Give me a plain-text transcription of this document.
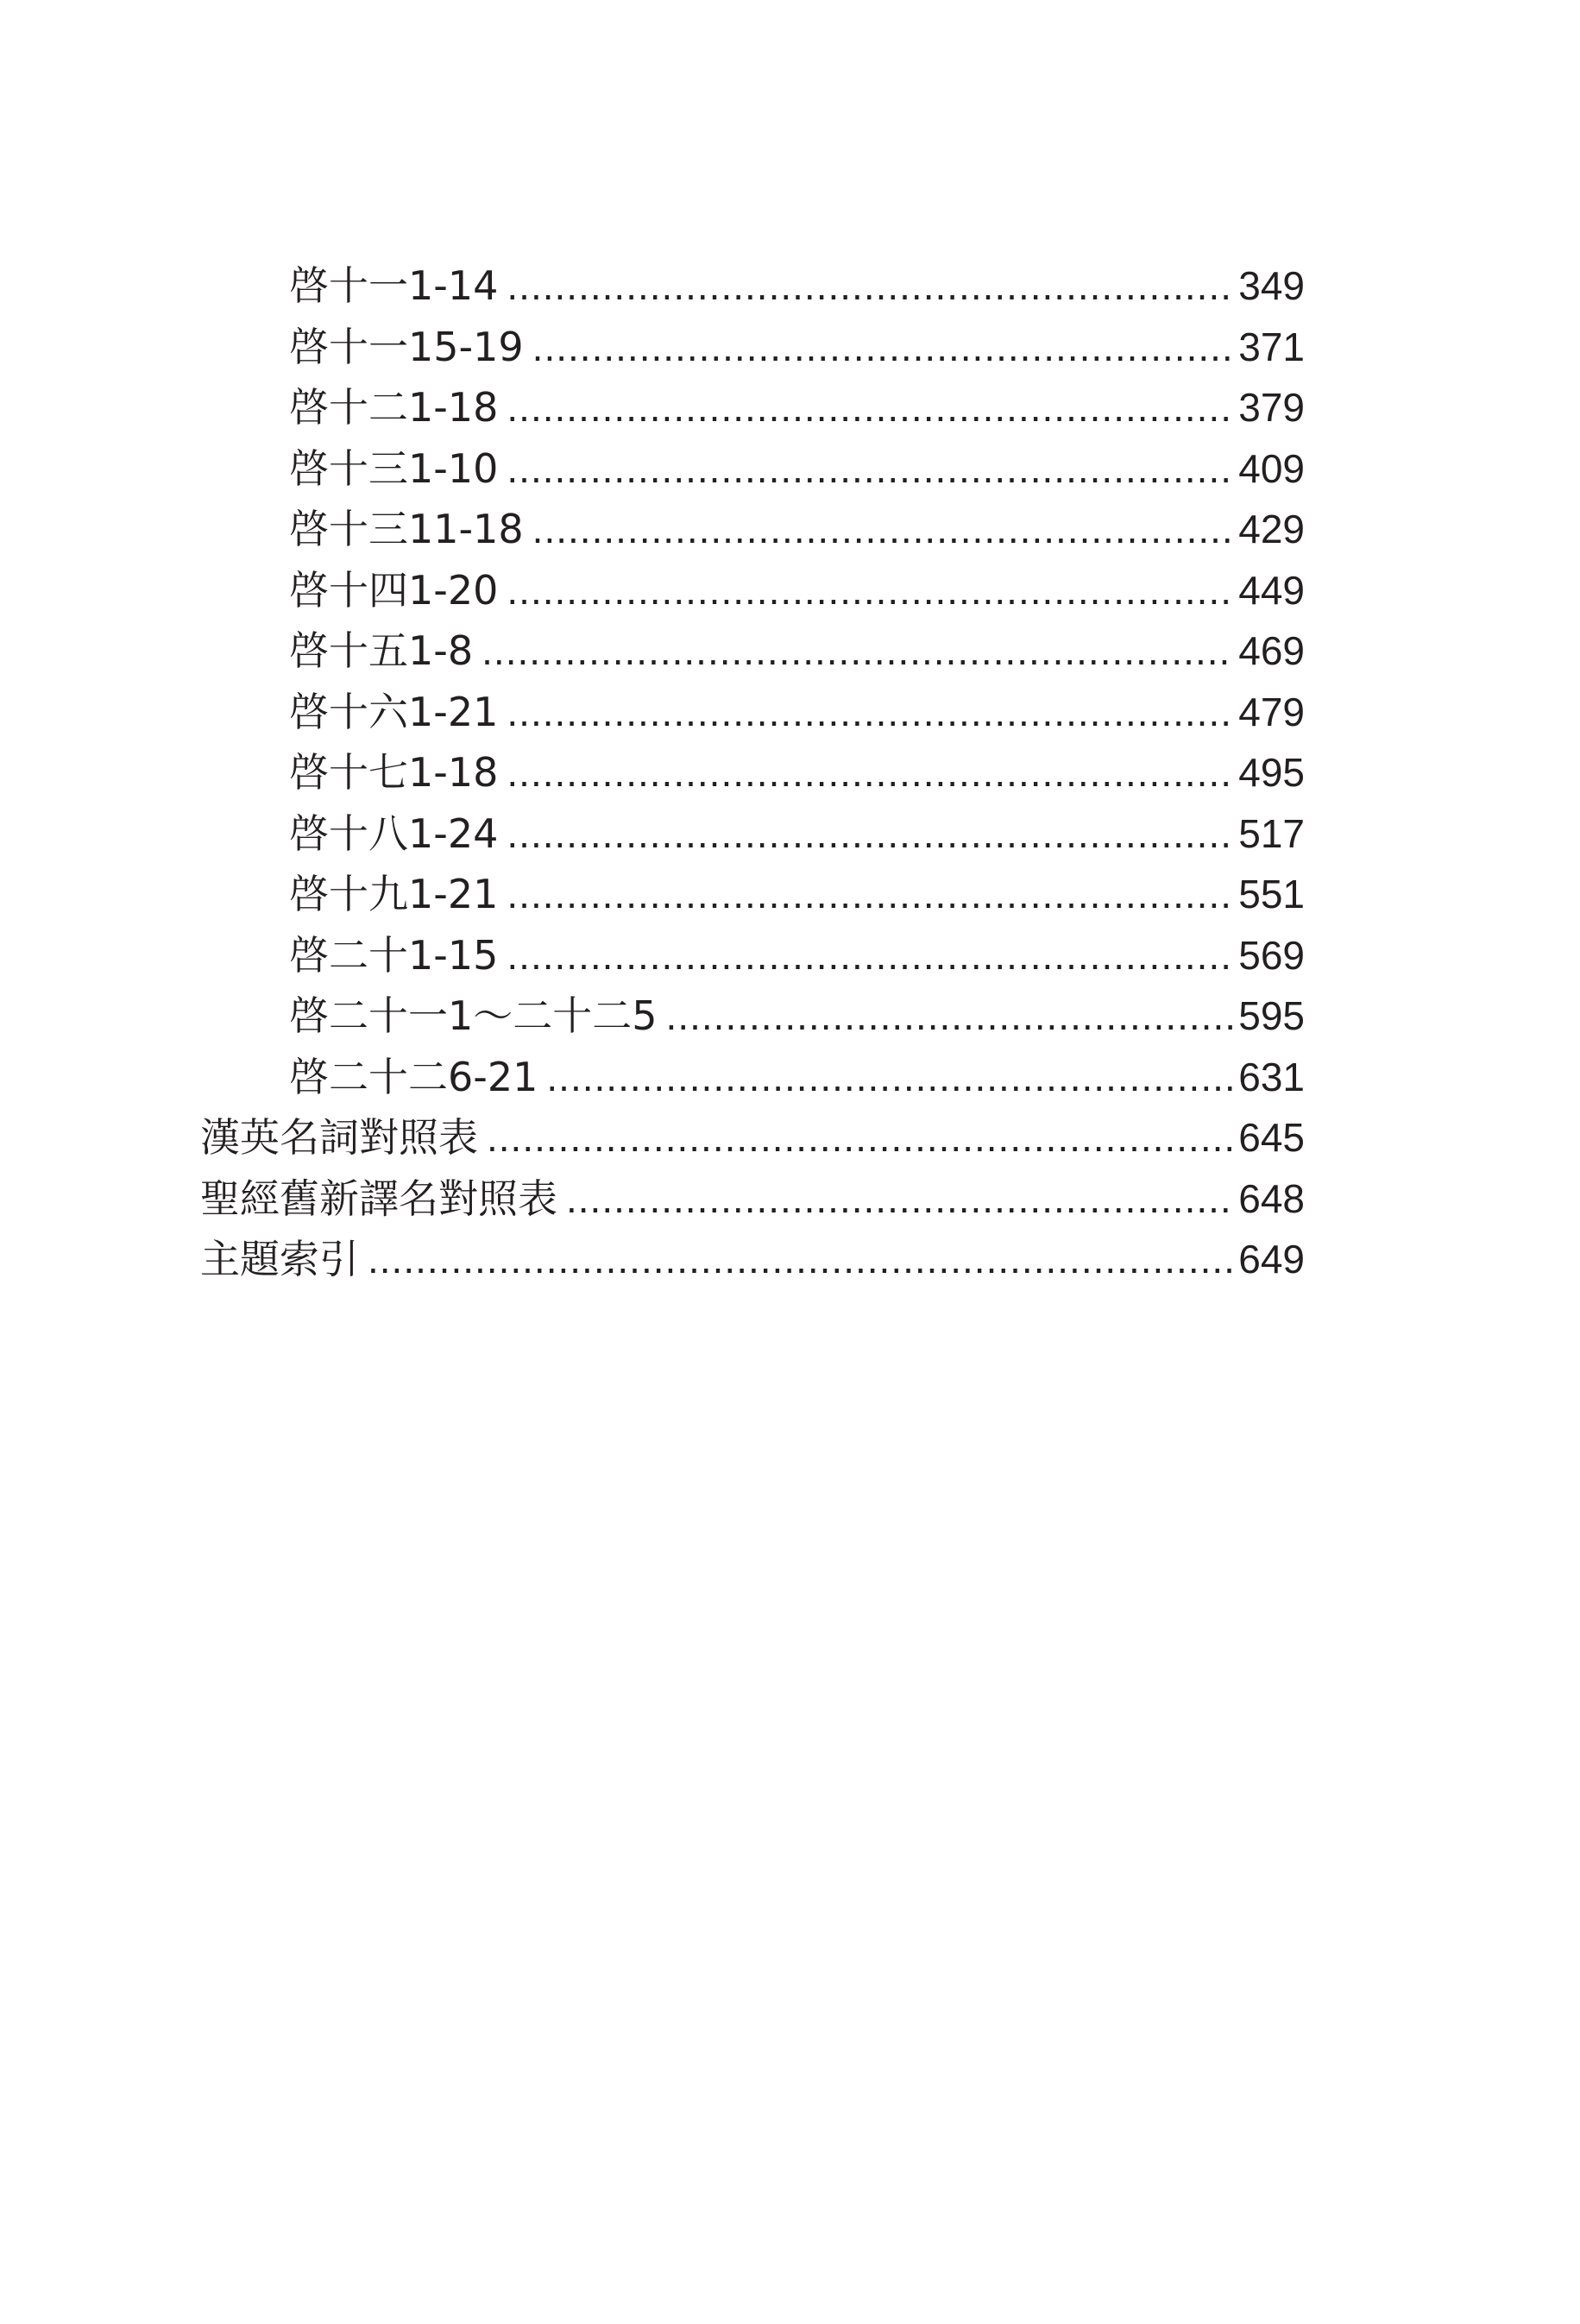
啓十一1-14 .....	349
啓十一15-19 .....	371
啓十二1-18 .....	379
啓十三1-10 .....	409
啓十三11-18 .....	429
啓十四1-20 .....	449
啓十五1-8 .....	469
啓十六1-21 .....	479
啓十七1-18 .....	495
啓十八1-24 .....	517
啓十九1-21 .....	551
啓二十1-15 .....	569
啓二十一1～二十二5 .....	595
啓二十二6-21 .....	631
漢英名詞對照表 .....	645
聖經舊新譯名對照表 .....	648
主題索引 .....	649
